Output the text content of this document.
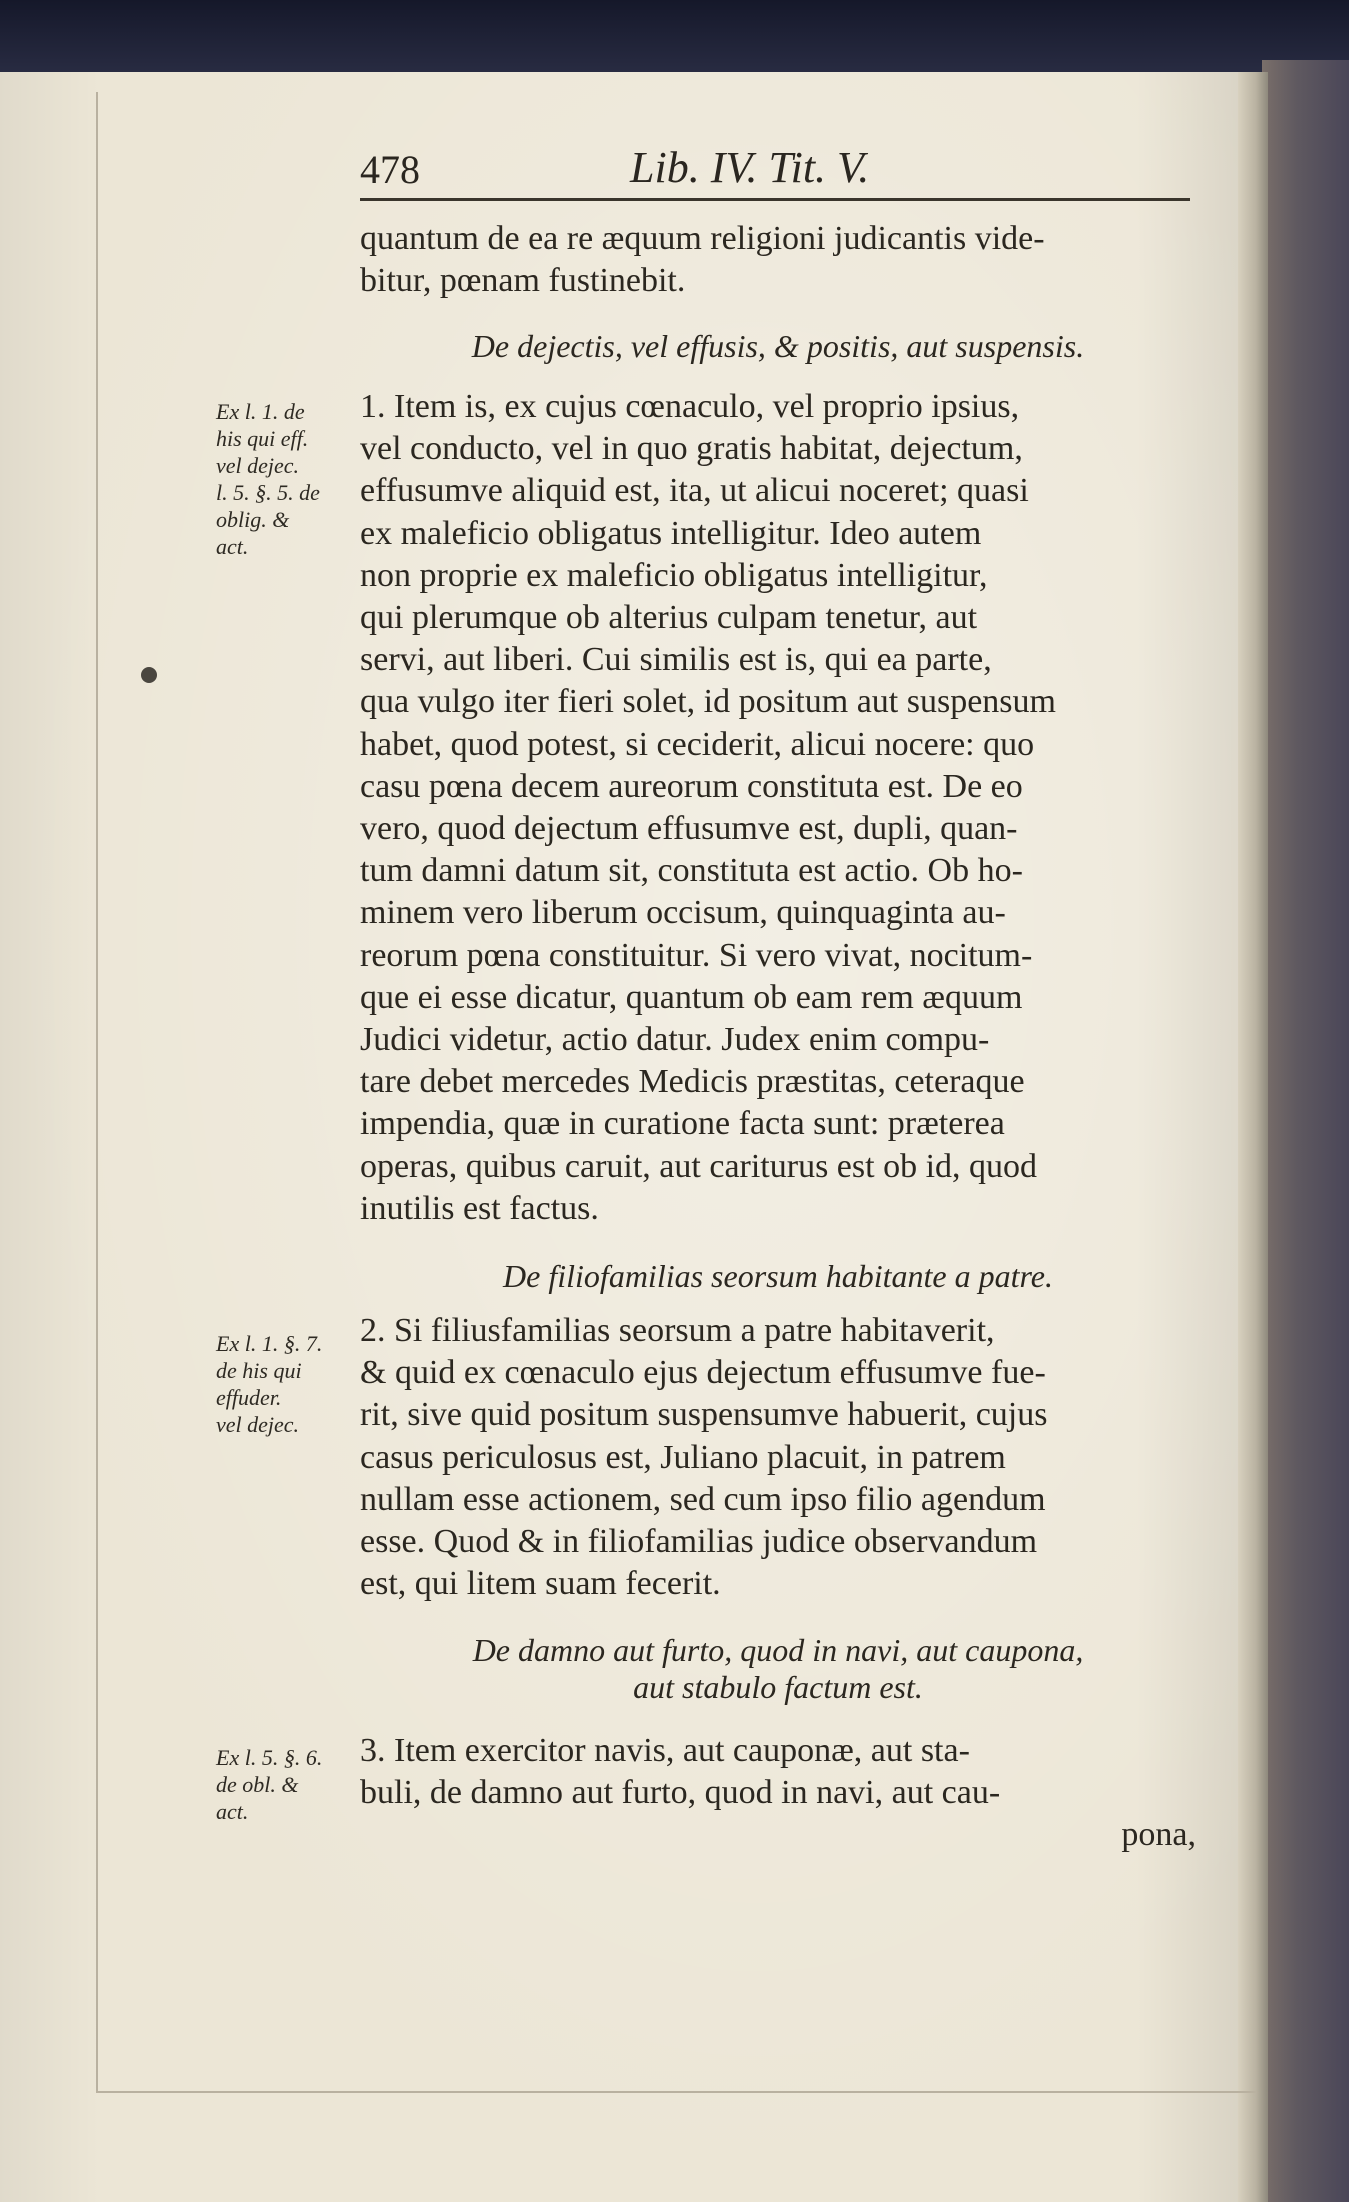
478	Lib. IV. Tit. V.

quantum de ea re æquum religioni judicantis vide-

bitur, pœnam fustinebit.

De dejectis, vel effusis, & positis, aut suspensis.
Ex l. 1. de
his qui eff.
vel dejec.
l. 5. §. 5. de
oblig. &
act.

1. Item is, ex cujus cœnaculo, vel proprio ipsius,

vel conducto, vel in quo gratis habitat, dejectum,

effusumve aliquid est, ita, ut alicui noceret; quasi

ex maleficio obligatus intelligitur. Ideo autem

non proprie ex maleficio obligatus intelligitur,

qui plerumque ob alterius culpam tenetur, aut

servi, aut liberi. Cui similis est is, qui ea parte,

qua vulgo iter fieri solet, id positum aut suspensum

habet, quod potest, si ceciderit, alicui nocere: quo

casu pœna decem aureorum constituta est. De eo

vero, quod dejectum effusumve est, dupli, quan-

tum damni datum sit, constituta est actio. Ob ho-

minem vero liberum occisum, quinquaginta au-

reorum pœna constituitur. Si vero vivat, nocitum-

que ei esse dicatur, quantum ob eam rem æquum

Judici videtur, actio datur. Judex enim compu-

tare debet mercedes Medicis præstitas, ceteraque

impendia, quæ in curatione facta sunt: præterea

operas, quibus caruit, aut cariturus est ob id, quod

inutilis est factus.

De filiofamilias seorsum habitante a patre.
Ex l. 1. §. 7.
de his qui
effuder.
vel dejec.

2. Si filiusfamilias seorsum a patre habitaverit,

& quid ex cœnaculo ejus dejectum effusumve fue-

rit, sive quid positum suspensumve habuerit, cujus

casus periculosus est, Juliano placuit, in patrem

nullam esse actionem, sed cum ipso filio agendum

esse. Quod & in filiofamilias judice observandum

est, qui litem suam fecerit.

De damno aut furto, quod in navi, aut caupona,
aut stabulo factum est.
Ex l. 5. §. 6.
de obl. &
act.

3. Item exercitor navis, aut cauponæ, aut sta-

buli, de damno aut furto, quod in navi, aut cau-

pona,
